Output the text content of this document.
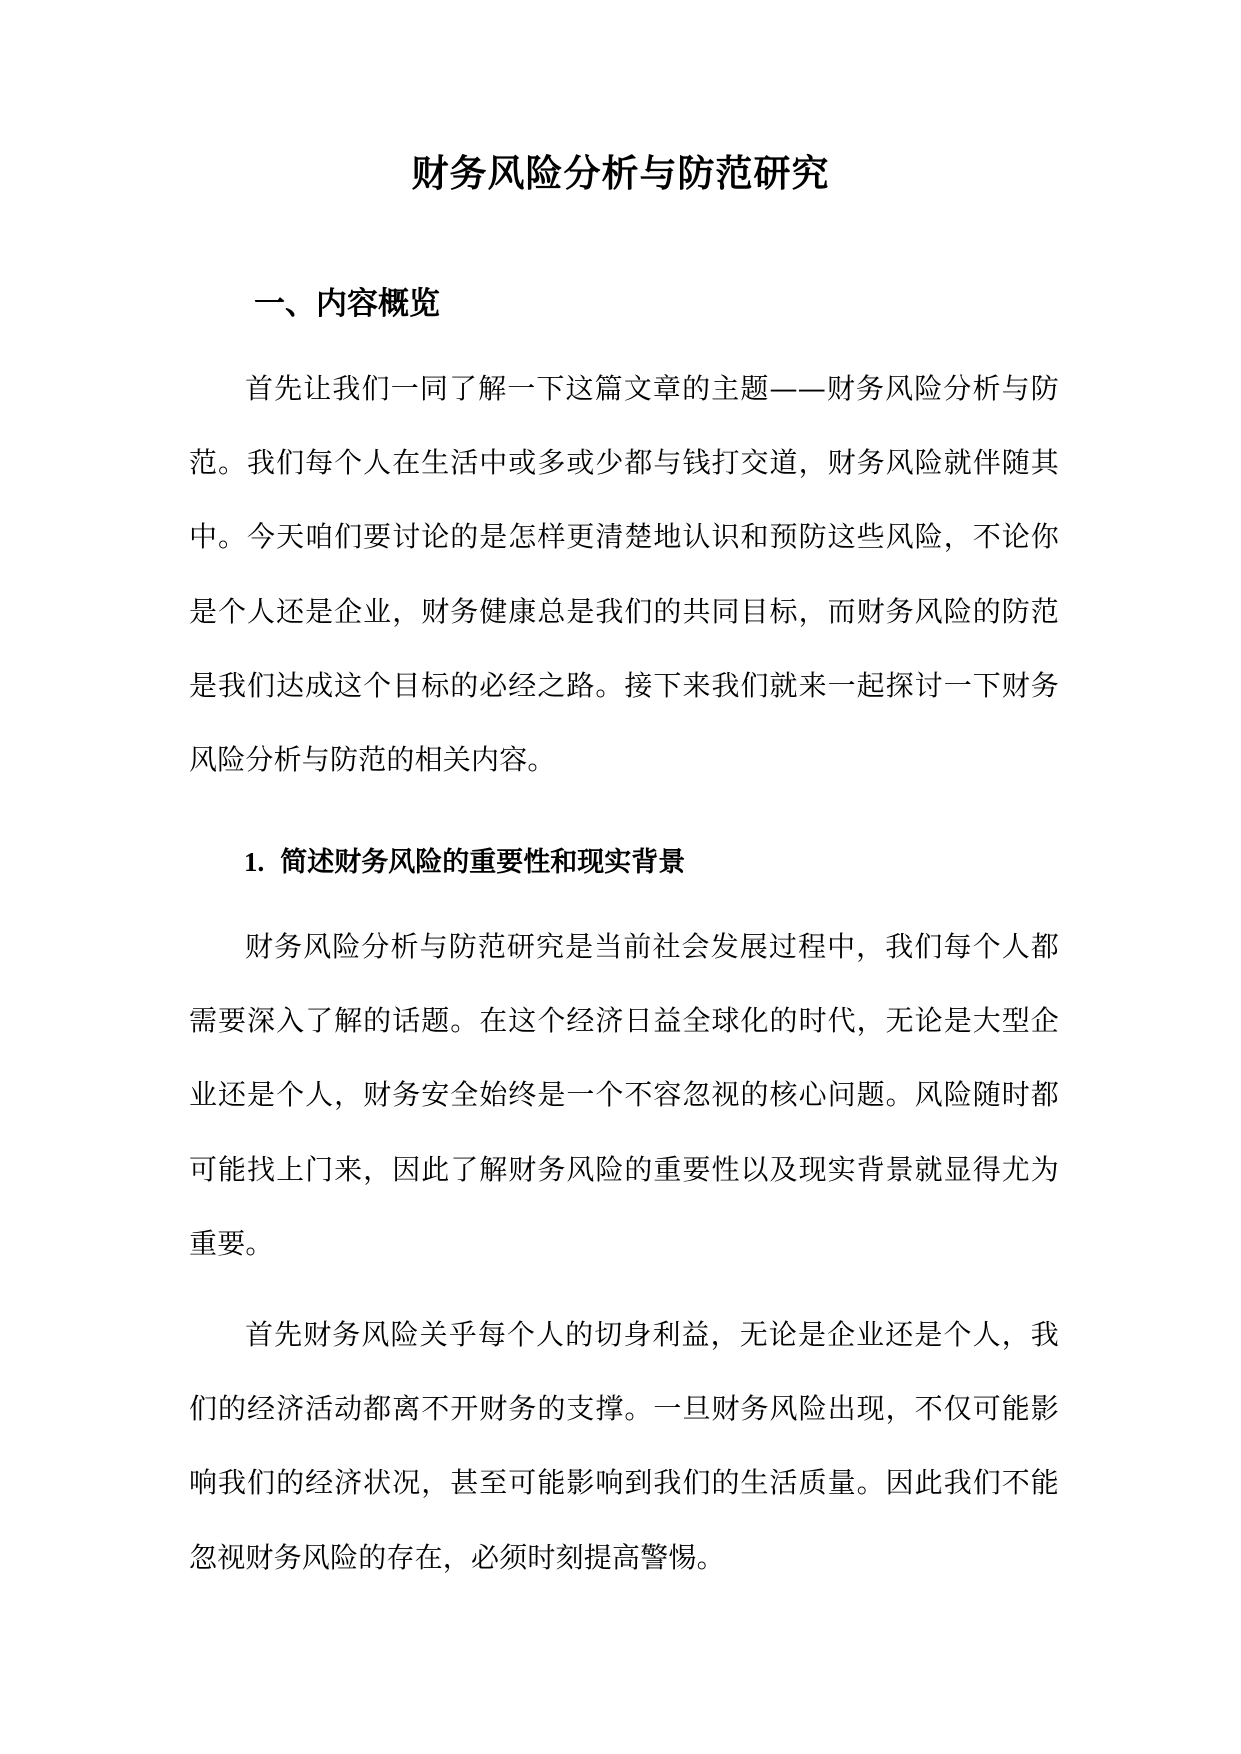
财务风险分析与防范研究
一、内容概览

首先让我们一同了解一下这篇文章的主题——财务风险分析与防范。我们每个人在生活中或多或少都与钱打交道，财务风险就伴随其中。今天咱们要讨论的是怎样更清楚地认识和预防这些风险，不论你是个人还是企业，财务健康总是我们的共同目标，而财务风险的防范是我们达成这个目标的必经之路。接下来我们就来一起探讨一下财务风险分析与防范的相关内容。

1. 简述财务风险的重要性和现实背景

财务风险分析与防范研究是当前社会发展过程中，我们每个人都需要深入了解的话题。在这个经济日益全球化的时代，无论是大型企业还是个人，财务安全始终是一个不容忽视的核心问题。风险随时都可能找上门来，因此了解财务风险的重要性以及现实背景就显得尤为重要。

首先财务风险关乎每个人的切身利益，无论是企业还是个人，我们的经济活动都离不开财务的支撑。一旦财务风险出现，不仅可能影响我们的经济状况，甚至可能影响到我们的生活质量。因此我们不能忽视财务风险的存在，必须时刻提高警惕。
